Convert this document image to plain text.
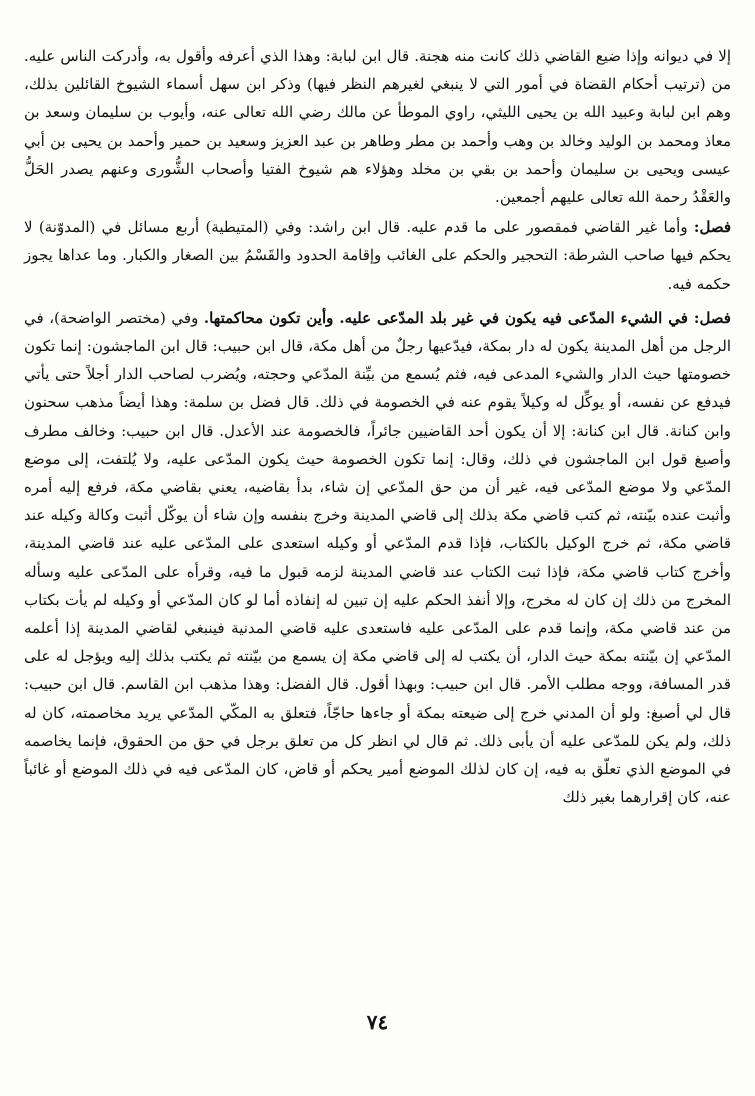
إلا في ديوانه وإذا ضيع القاضي ذلك كانت منه هجنة. قال ابن لبابة: وهذا الذي أعرفه وأقول به، وأدركت الناس عليه. من (ترتيب أحكام القضاة في أمور التي لا ينبغي لغيرهم النظر فيها) وذكر ابن سهل أسماء الشيوخ القائلين بذلك، وهم ابن لبابة وعبيد الله بن يحيى الليثي، راوي الموطأ عن مالك رضي الله تعالى عنه، وأيوب بن سليمان وسعد بن معاذ ومحمد بن الوليد وخالد بن وهب وأحمد بن مطر وطاهر بن عبد العزيز وسعيد بن حمير وأحمد بن يحيى بن أبي عيسى ويحيى بن سليمان وأحمد بن بقي بن مخلد وهؤلاء هم شيوخ الفتيا وأصحاب الشُّورى وعنهم يصدر الحَلُّ والعَقْدُ رحمة الله تعالى عليهم أجمعين.

فصل: وأما غير القاضي فمقصور على ما قدم عليه. قال ابن راشد: وفي (المتيطية) أربع مسائل في (المدوّنة) لا يحكم فيها صاحب الشرطة: التحجير والحكم على الغائب وإقامة الحدود والقَسْمُ بين الصغار والكبار. وما عداها يجوز حكمه فيه.

فصل: في الشيء المدّعى فيه يكون في غير بلد المدّعى عليه. وأين تكون محاكمتها. وفي (مختصر الواضحة)، في الرجل من أهل المدينة يكون له دار بمكة، فيدّعيها رجلٌ من أهل مكة، قال ابن حبيب: قال ابن الماجشون: إنما تكون خصومتها حيث الدار والشيء المدعى فيه، فثم يُسمع من بيِّنة المدّعي وحجته، ويُضرب لصاحب الدار أجلاً حتى يأتي فيدفع عن نفسه، أو يوكِّل له وكيلاً يقوم عنه في الخصومة في ذلك. قال فضل بن سلمة: وهذا أيضاً مذهب سحنون وابن كنانة. قال ابن كنانة: إلا أن يكون أحد القاضيين جائراً، فالخصومة عند الأعدل. قال ابن حبيب: وخالف مطرف وأصبغ قول ابن الماجشون في ذلك، وقال: إنما تكون الخصومة حيث يكون المدّعى عليه، ولا يُلتفت، إلى موضع المدّعي ولا موضع المدّعى فيه، غير أن من حق المدّعي إن شاء، بدأ بقاضيه، يعني بقاضي مكة، فرفع إليه أمره وأثبت عنده بيّنته، ثم كتب قاضي مكة بذلك إلى قاضي المدينة وخرج بنفسه وإن شاء أن يوكّل أثبت وكالة وكيله عند قاضي مكة، ثم خرج الوكيل بالكتاب، فإذا قدم المدّعي أو وكيله استعدى على المدّعى عليه عند قاضي المدينة، وأخرج كتاب قاضي مكة، فإذا ثبت الكتاب عند قاضي المدينة لزمه قبول ما فيه، وقرأه على المدّعى عليه وسأله المخرج من ذلك إن كان له مخرج، وإلا أنفذ الحكم عليه إن تبين له إنفاذه أما لو كان المدّعي أو وكيله لم يأت بكتاب من عند قاضي مكة، وإنما قدم على المدّعى عليه فاستعدى عليه قاضي المدنية فينبغي لقاضي المدينة إذا أعلمه المدّعي إن بيّنته بمكة حيث الدار، أن يكتب له إلى قاضي مكة إن يسمع من بيّنته ثم يكتب بذلك إليه ويؤجل له على قدر المسافة، ووجه مطلب الأمر. قال ابن حبيب: وبهذا أقول. قال الفضل: وهذا مذهب ابن القاسم. قال ابن حبيب: قال لي أصبغ: ولو أن المدني خرج إلى ضيعته بمكة أو جاءها حاجّاً، فتعلق به المكّي المدّعي يريد مخاصمته، كان له ذلك، ولم يكن للمدّعى عليه أن يأبى ذلك. ثم قال لي انظر كل من تعلق برجل في حق من الحقوق، فإنما يخاصمه في الموضع الذي تعلّق به فيه، إن كان لذلك الموضع أمير يحكم أو قاض، كان المدّعى فيه في ذلك الموضع أو غائباً عنه، كان إقرارهما بغير ذلك

٧٤
